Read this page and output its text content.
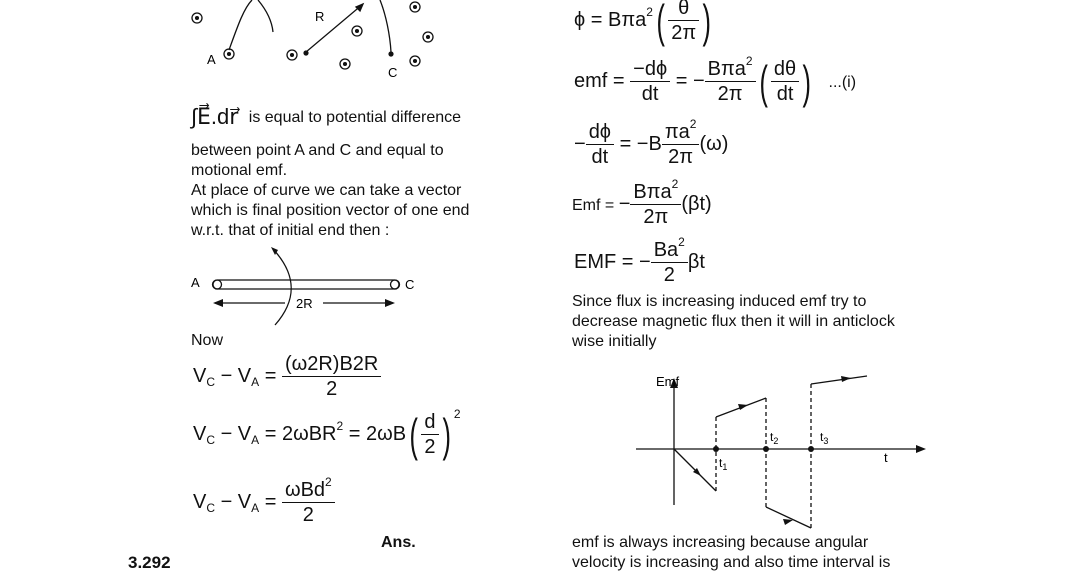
R
A
C
∫E⃗.dr⃗ is equal to potential difference
between point A and C and equal to
motional emf.
At place of curve we can take a vector
which is final position vector of one end
w.r.t. that of initial end then :
A	C
2R
Now
$V_C - V_A = \frac{(\omega 2R)B2R}{2}$
$V_C - V_A = 2\omega BR^2 = 2\omega B( \frac{d}{2}$ ) $^2$
$V_C - V_A = \frac{\omega Bd^2}{2}$
Ans.
3.292
$\phi = B\pi a^2( \frac{\theta}{2\pi}$ )
emf = $\frac{-d\phi}{dt}$ = − $\frac{B\pi a^2}{2\pi}$ ( $\frac{d\theta}{dt}$ ) ...(i)
− $\frac{d\phi}{dt} = -B \frac{\pi a^2}{2\pi} (\omega)$
Emf = − $\frac{B\pi a^2}{2\pi} (\beta t)$
EMF = − $\frac{Ba^2}{2}$ βt
Since flux is increasing induced emf try to
decrease magnetic flux then it will in anticlock
wise initially
Emf
t
$t_1$
$t_2$	$t_3$
emf is always increasing because angular
velocity is increasing and also time interval is
